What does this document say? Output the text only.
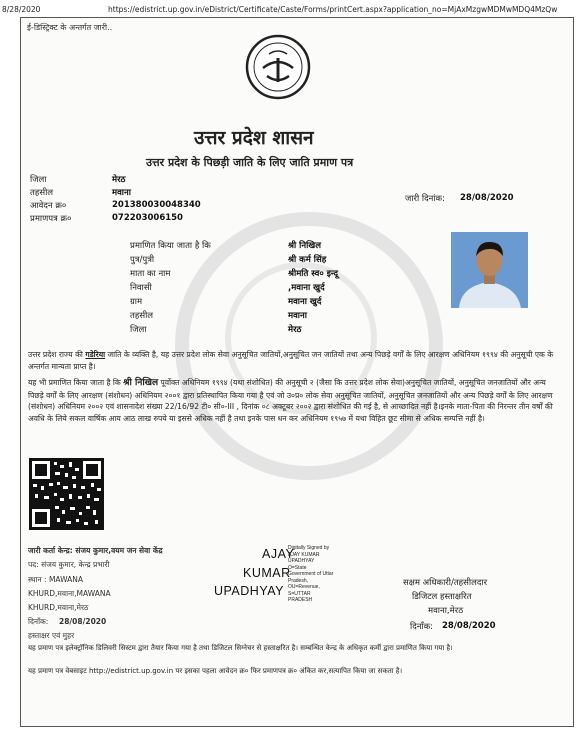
8/28/2020	https://edistrict.up.gov.in/eDistrict/Certificate/Caste/Forms/printCert.aspx?application_no=MjAxMzgwMDMwMDQ4MzQw
ई-डिस्ट्रिक्ट के अन्तर्गत जारी..
उत्तर प्रदेश शासन
उत्तर प्रदेश के पिछड़ी जाति के लिए जाति प्रमाण पत्र
जिला	मेरठ
तहसील	मवाना
आवेदन क्र०	201380030048340
प्रमाणपत्र क्र०	072203006150
जारी दिनांक: 28/08/2020
प्रमाणित किया जाता है कि	श्री निखिल
पुत्र/पुत्री	श्री कर्म सिंह
माता का नाम	श्रीमति स्व० इन्दू
निवासी	,मवाना खुर्द
ग्राम	मवाना खुर्द
तहसील	मवाना
जिला	मेरठ
उत्तर प्रदेश राज्य की गडेरिया जाति के व्यक्ति है, यह उत्तर प्रदेश लोक सेवा अनुसूचित जातियों,अनुसूचित जन जातियों तथा अन्य पिछड़े वर्गों के लिए आरक्षण अधिनियम १९९४ की अनुसूची एक के अन्तर्गत मान्यता प्राप्त है।
यह भी प्रमाणित किया जाता है कि श्री निखिल पूर्वोक्त अधिनियम १९९४ (यथा संशोधित) की अनुसूची २ (जैसा कि उत्तर प्रदेश लोक सेवा)अनुसूचित जातियों, अनुसूचित जनजातियों और अन्य पिछड़े वर्गों के लिए आरक्षण (संशोधन) अधिनियम २००१ द्वारा प्रतिस्थापित किया गया है एवं जो उ०प्र० लोक सेवा अनुसूचित जातियों, अनुसूचित जनजातियों और अन्य पिछड़े वर्गों के लिए आरक्षण (संशोधन) अधिनियम २००२ एवं शासनादेश संख्या 22/16/92 टी० सी०-III , दिनांक ०८ अक्टूबर २००२ द्वारा संशोधित की गई है, से आच्छादित नहीं है।इनके माता-पिता की निरन्तर तीन वर्षों की अवधि के लिये सकल वार्षिक आय आठ लाख रुपये या इससे अधिक नहीं है तथा इनके पास धन कर अधिनियम १९५७ में यथा विहित छूट सीमा से अधिक सम्पत्ति नहीं है।
जारी कर्ता केन्द्र: संजय कुमार,वयम जन सेवा केंद्र
पद: संजय कुमार, केन्द्र प्रभारी
स्थान : MAWANA
KHURD,मवाना,MAWANA
KHURD,मवाना,मेरठ
दिनाँक: 28/08/2020
हस्ताक्षर एवं मुहर
AJAY
KUMAR
UPADHYAY
Digitally Signed by
AJAY KUMAR
UPADHYAY
O=State
Government of Uttar
Pradesh,
OU=Revenue,
S=UTTAR
PRADESH
सक्षम अधिकारी/तहसीलदार
डिजिटल हस्ताक्षरित
मवाना,मेरठ
दिनाँक: 28/08/2020
यह प्रमाण पत्र इलेक्ट्रॉनिक डिलिवरी सिस्टम द्वारा तैयार किया गया है तथा डिजिटल सिग्नेचर से हस्ताक्षरित है। सम्बन्धित केन्द्र के अधिकृत कर्मी द्वारा प्रमाणित किया गया है।
यह प्रमाण पत्र वेबसाइट http://edistrict.up.gov.in पर इसका पहला आवेदन क्र० फिर प्रमाणपत्र क्र० अंकित कर,सत्यापित किया जा सकता है।
